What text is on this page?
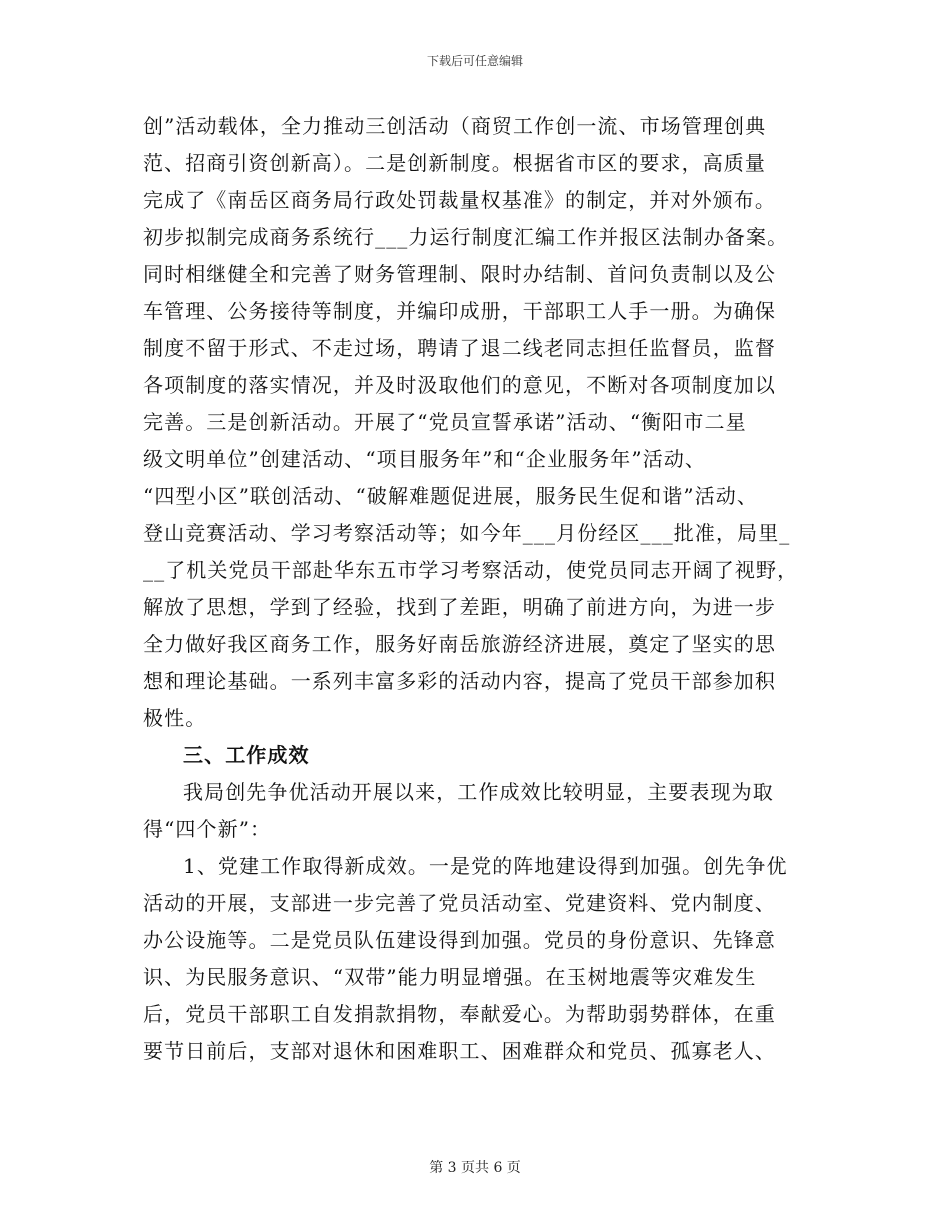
下载后可任意编辑
创”活动载体，全力推动三创活动（商贸工作创一流、市场管理创典
范、招商引资创新高）。二是创新制度。根据省市区的要求，高质量
完成了《南岳区商务局行政处罚裁量权基准》的制定，并对外颁布。
初步拟制完成商务系统行___力运行制度汇编工作并报区法制办备案。
同时相继健全和完善了财务管理制、限时办结制、首问负责制以及公
车管理、公务接待等制度，并编印成册，干部职工人手一册。为确保
制度不留于形式、不走过场，聘请了退二线老同志担任监督员，监督
各项制度的落实情况，并及时汲取他们的意见，不断对各项制度加以
完善。三是创新活动。开展了“党员宣誓承诺”活动、“衡阳市二星
级文明单位”创建活动、“项目服务年”和“企业服务年”活动、
“四型小区”联创活动、“破解难题促进展，服务民生促和谐”活动、
登山竞赛活动、学习考察活动等；如今年___月份经区___批准，局里_
__了机关党员干部赴华东五市学习考察活动，使党员同志开阔了视野，
解放了思想，学到了经验，找到了差距，明确了前进方向，为进一步
全力做好我区商务工作，服务好南岳旅游经济进展，奠定了坚实的思
想和理论基础。一系列丰富多彩的活动内容，提高了党员干部参加积
极性。
三、工作成效
我局创先争优活动开展以来，工作成效比较明显，主要表现为取
得“四个新”：
1、党建工作取得新成效。一是党的阵地建设得到加强。创先争优
活动的开展，支部进一步完善了党员活动室、党建资料、党内制度、
办公设施等。二是党员队伍建设得到加强。党员的身份意识、先锋意
识、为民服务意识、“双带”能力明显增强。在玉树地震等灾难发生
后，党员干部职工自发捐款捐物，奉献爱心。为帮助弱势群体，在重
要节日前后，支部对退休和困难职工、困难群众和党员、孤寡老人、
第 3 页共 6 页
